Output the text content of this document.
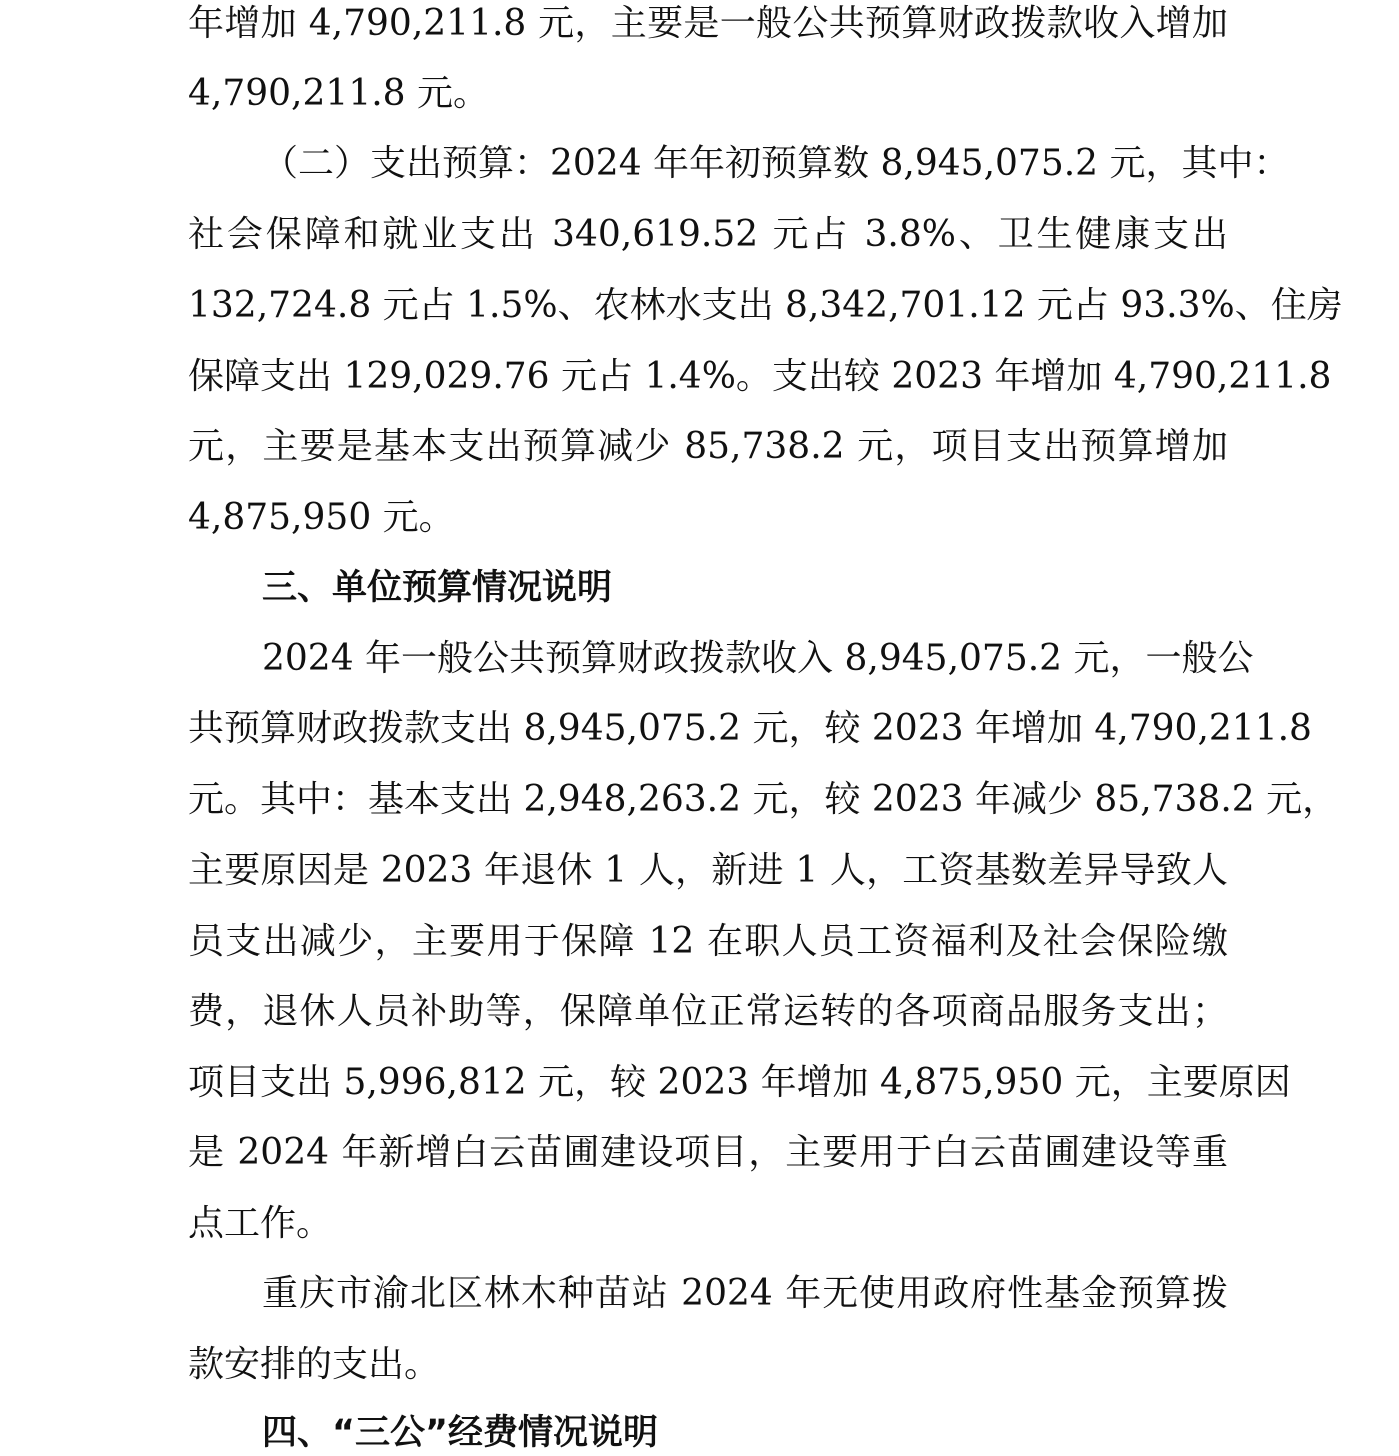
年增加 4,790,211.8 元，主要是一般公共预算财政拨款收入增加
4,790,211.8 元。
（二）支出预算：2024 年年初预算数 8,945,075.2 元，其中：
社会保障和就业支出 340,619.52 元占 3.8%、卫生健康支出
132,724.8 元占 1.5%、农林水支出 8,342,701.12 元占 93.3%、住房
保障支出 129,029.76 元占 1.4%。支出较 2023 年增加 4,790,211.8
元，主要是基本支出预算减少 85,738.2 元，项目支出预算增加
4,875,950 元。
三、单位预算情况说明
2024 年一般公共预算财政拨款收入 8,945,075.2 元，一般公
共预算财政拨款支出 8,945,075.2 元，较 2023 年增加 4,790,211.8
元。其中：基本支出 2,948,263.2 元，较 2023 年减少 85,738.2 元，
主要原因是 2023 年退休 1 人，新进 1 人，工资基数差异导致人
员支出减少，主要用于保障 12 在职人员工资福利及社会保险缴
费，退休人员补助等，保障单位正常运转的各项商品服务支出；
项目支出 5,996,812 元，较 2023 年增加 4,875,950 元，主要原因
是 2024 年新增白云苗圃建设项目，主要用于白云苗圃建设等重
点工作。
重庆市渝北区林木种苗站 2024 年无使用政府性基金预算拨
款安排的支出。
四、“三公”经费情况说明
